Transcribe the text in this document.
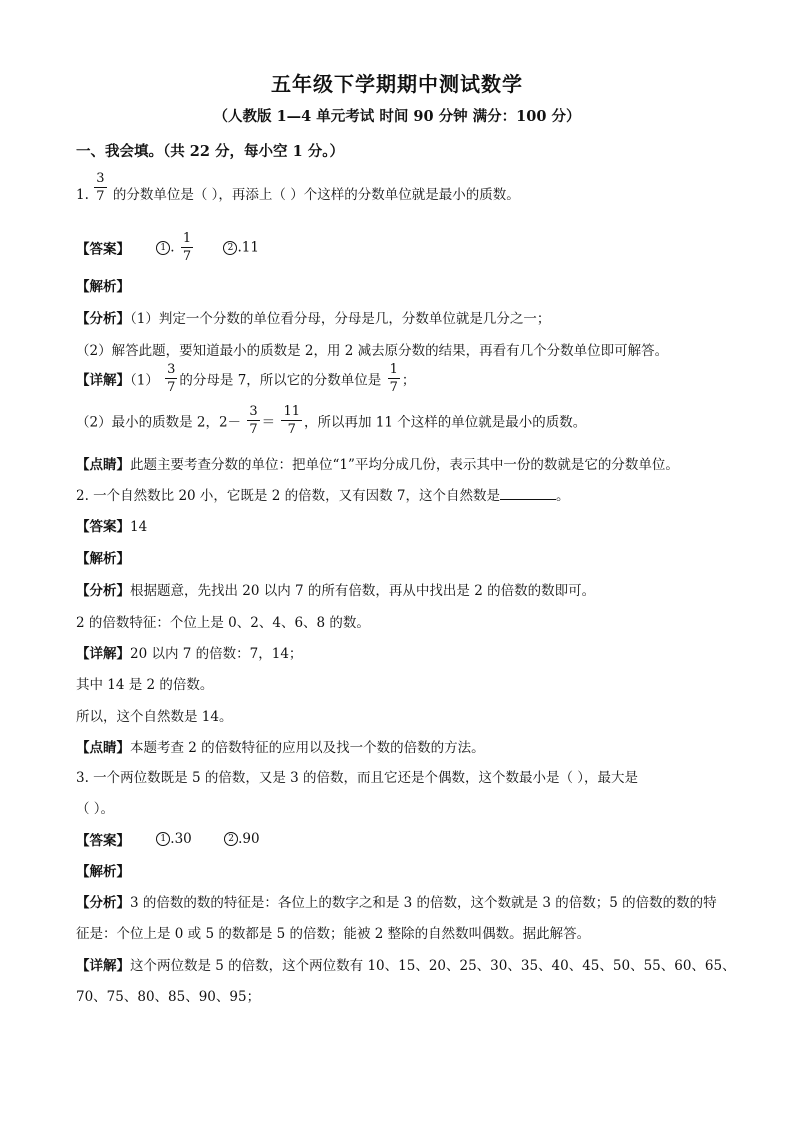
五年级下学期期中测试数学
（人教版 1—4 单元考试 时间 90 分钟 满分：100 分）
一、我会填。（共 22 分，每小空 1 分。）
1. $\frac{3}{7}$ 的分数单位是（ ），再添上（ ）个这样的分数单位就是最小的质数。
【答案】	1 . $\frac{1}{7}$	2 .11
【解析】
【分析】（1）判定一个分数的单位看分母，分母是几，分数单位就是几分之一；
（2）解答此题，要知道最小的质数是 2，用 2 减去原分数的结果，再看有几个分数单位即可解答。
【详解】$(1) \frac{3}{7}$ 的分母是 7，所以它的分数单位是 $\frac{1}{7}$ ；
（2）最小的质数是 2，$2- \frac{3}{7} = \frac{11}{7}$ ，所以再加 11 个这样的单位就是最小的质数。
【点睛】此题主要考查分数的单位：把单位“1”平均分成几份，表示其中一份的数就是它的分数单位。
2. 一个自然数比 20 小，它既是 2 的倍数，又有因数 7，这个自然数是	。
【答案】14
【解析】
【分析】根据题意，先找出 20 以内 7 的所有倍数，再从中找出是 2 的倍数的数即可。
2 的倍数特征：个位上是 0、2、4、6、8 的数。
【详解】20 以内 7 的倍数：7，14；
其中 14 是 2 的倍数。
所以，这个自然数是 14。
【点睛】本题考查 2 的倍数特征的应用以及找一个数的倍数的方法。
3. 一个两位数既是 5 的倍数，又是 3 的倍数，而且它还是个偶数，这个数最小是（ ），最大是
（ ）。
【答案】	1 .30	2 .90
【解析】
【分析】3 的倍数的数的特征是：各位上的数字之和是 3 的倍数，这个数就是 3 的倍数；5 的倍数的数的特
征是：个位上是 0 或 5 的数都是 5 的倍数；能被 2 整除的自然数叫偶数。据此解答。
【详解】这个两位数是 5 的倍数，这个两位数有 10、15、20、25、30、35、40、45、50、55、60、65、
70、75、80、85、90、95；
